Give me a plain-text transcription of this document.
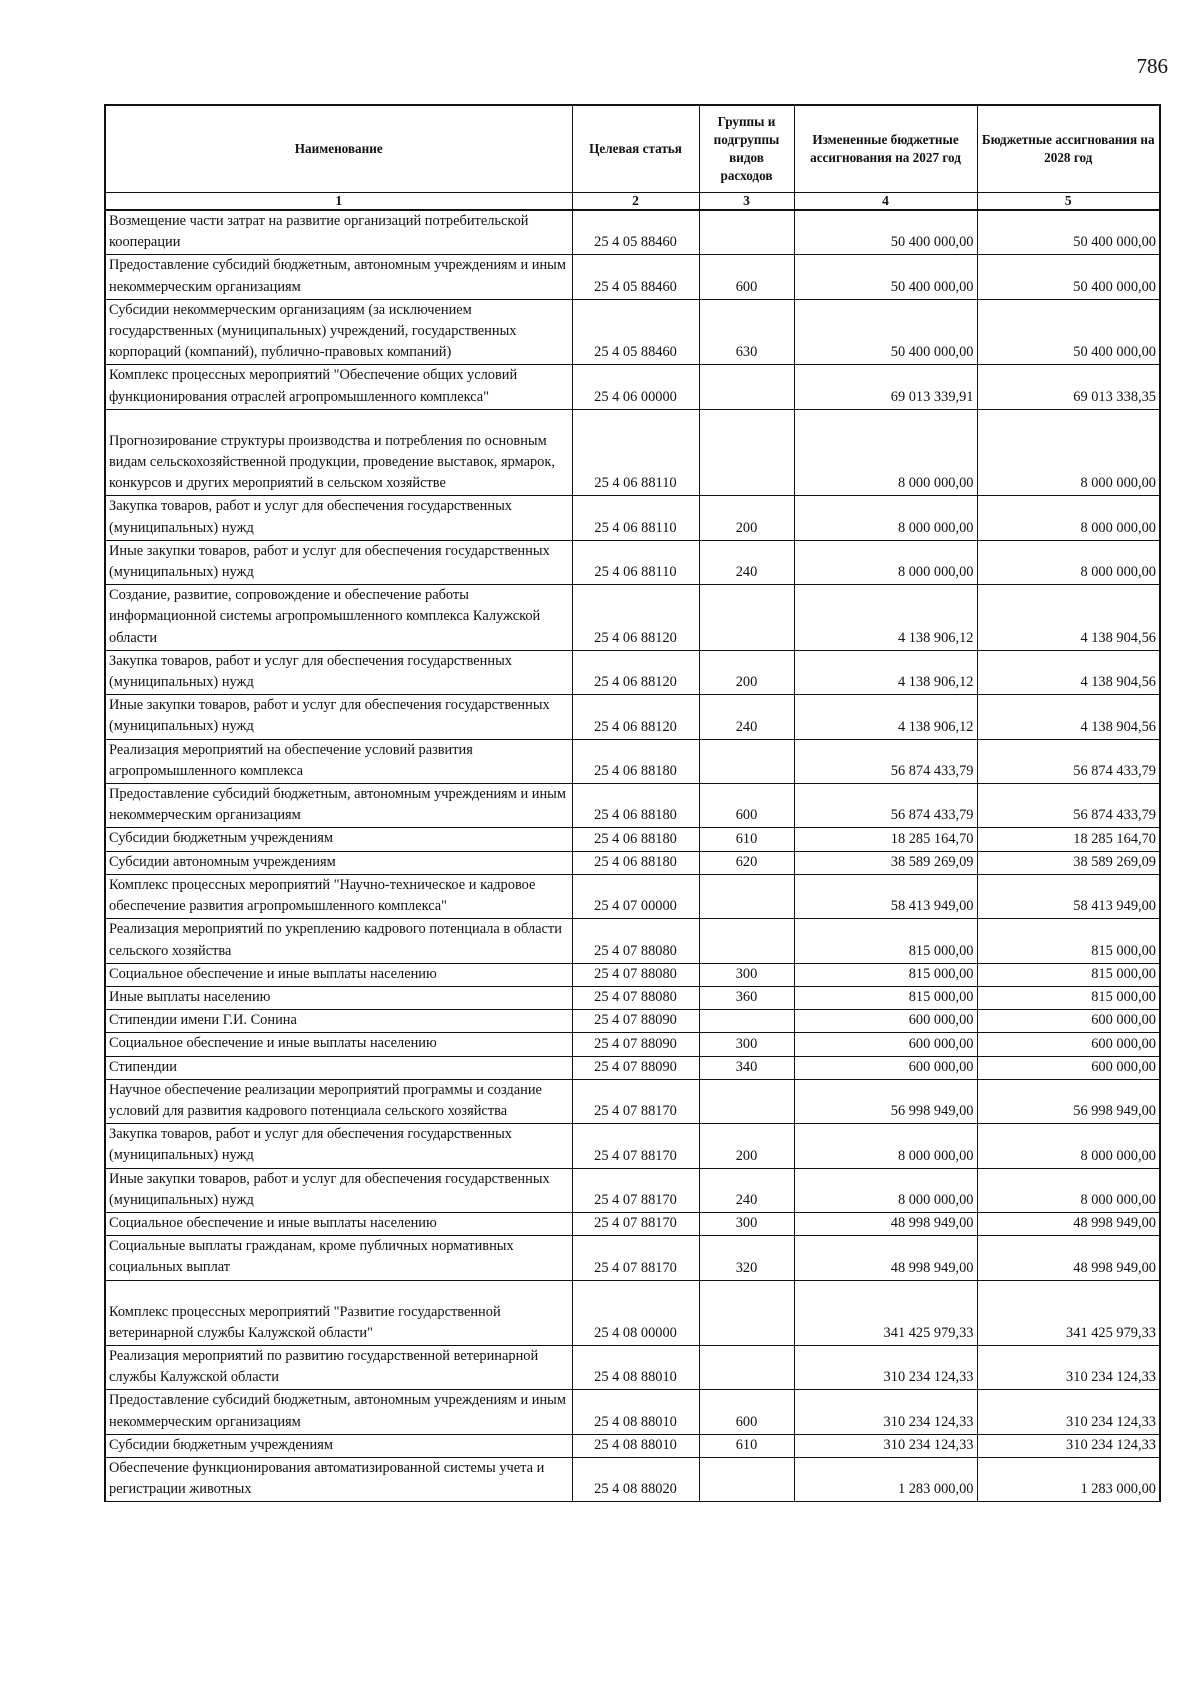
786
Наименование	Целевая статья	Группы и подгруппы видов расходов	Измененные бюджетные ассигнования на 2027 год	Бюджетные ассигнования на 2028 год
1	2	3	4	5
Возмещение части затрат на развитие организаций потребительской кооперации	25 4 05 88460		50 400 000,00	50 400 000,00
Предоставление субсидий бюджетным, автономным учреждениям и иным некоммерческим организациям	25 4 05 88460	600	50 400 000,00	50 400 000,00
Субсидии некоммерческим организациям (за исключением государственных (муниципальных) учреждений, государственных корпораций (компаний), публично-правовых компаний)	25 4 05 88460	630	50 400 000,00	50 400 000,00
Комплекс процессных мероприятий "Обеспечение общих условий функционирования отраслей агропромышленного комплекса"	25 4 06 00000		69 013 339,91	69 013 338,35

Прогнозирование структуры производства и потребления по основным видам сельскохозяйственной продукции, проведение выставок, ярмарок, конкурсов и других мероприятий в сельском хозяйстве	25 4 06 88110		8 000 000,00	8 000 000,00
Закупка товаров, работ и услуг для обеспечения государственных (муниципальных) нужд	25 4 06 88110	200	8 000 000,00	8 000 000,00
Иные закупки товаров, работ и услуг для обеспечения государственных (муниципальных) нужд	25 4 06 88110	240	8 000 000,00	8 000 000,00
Создание, развитие, сопровождение и обеспечение работы информационной системы агропромышленного комплекса Калужской области	25 4 06 88120		4 138 906,12	4 138 904,56
Закупка товаров, работ и услуг для обеспечения государственных (муниципальных) нужд	25 4 06 88120	200	4 138 906,12	4 138 904,56
Иные закупки товаров, работ и услуг для обеспечения государственных (муниципальных) нужд	25 4 06 88120	240	4 138 906,12	4 138 904,56
Реализация мероприятий на обеспечение условий развития агропромышленного комплекса	25 4 06 88180		56 874 433,79	56 874 433,79
Предоставление субсидий бюджетным, автономным учреждениям и иным некоммерческим организациям	25 4 06 88180	600	56 874 433,79	56 874 433,79
Субсидии бюджетным учреждениям	25 4 06 88180	610	18 285 164,70	18 285 164,70
Субсидии автономным учреждениям	25 4 06 88180	620	38 589 269,09	38 589 269,09
Комплекс процессных мероприятий "Научно-техническое и кадровое обеспечение развития агропромышленного комплекса"	25 4 07 00000		58 413 949,00	58 413 949,00
Реализация мероприятий по укреплению кадрового потенциала в области сельского хозяйства	25 4 07 88080		815 000,00	815 000,00
Социальное обеспечение и иные выплаты населению	25 4 07 88080	300	815 000,00	815 000,00
Иные выплаты населению	25 4 07 88080	360	815 000,00	815 000,00
Стипендии имени Г.И. Сонина	25 4 07 88090		600 000,00	600 000,00
Социальное обеспечение и иные выплаты населению	25 4 07 88090	300	600 000,00	600 000,00
Стипендии	25 4 07 88090	340	600 000,00	600 000,00
Научное обеспечение реализации мероприятий программы и создание условий для развития кадрового потенциала сельского хозяйства	25 4 07 88170		56 998 949,00	56 998 949,00
Закупка товаров, работ и услуг для обеспечения государственных (муниципальных) нужд	25 4 07 88170	200	8 000 000,00	8 000 000,00
Иные закупки товаров, работ и услуг для обеспечения государственных (муниципальных) нужд	25 4 07 88170	240	8 000 000,00	8 000 000,00
Социальное обеспечение и иные выплаты населению	25 4 07 88170	300	48 998 949,00	48 998 949,00
Социальные выплаты гражданам, кроме публичных нормативных социальных выплат	25 4 07 88170	320	48 998 949,00	48 998 949,00

Комплекс процессных мероприятий "Развитие государственной ветеринарной службы Калужской области"	25 4 08 00000		341 425 979,33	341 425 979,33
Реализация мероприятий по развитию государственной ветеринарной службы Калужской области	25 4 08 88010		310 234 124,33	310 234 124,33
Предоставление субсидий бюджетным, автономным учреждениям и иным некоммерческим организациям	25 4 08 88010	600	310 234 124,33	310 234 124,33
Субсидии бюджетным учреждениям	25 4 08 88010	610	310 234 124,33	310 234 124,33
Обеспечение функционирования автоматизированной системы учета и регистрации животных	25 4 08 88020		1 283 000,00	1 283 000,00
